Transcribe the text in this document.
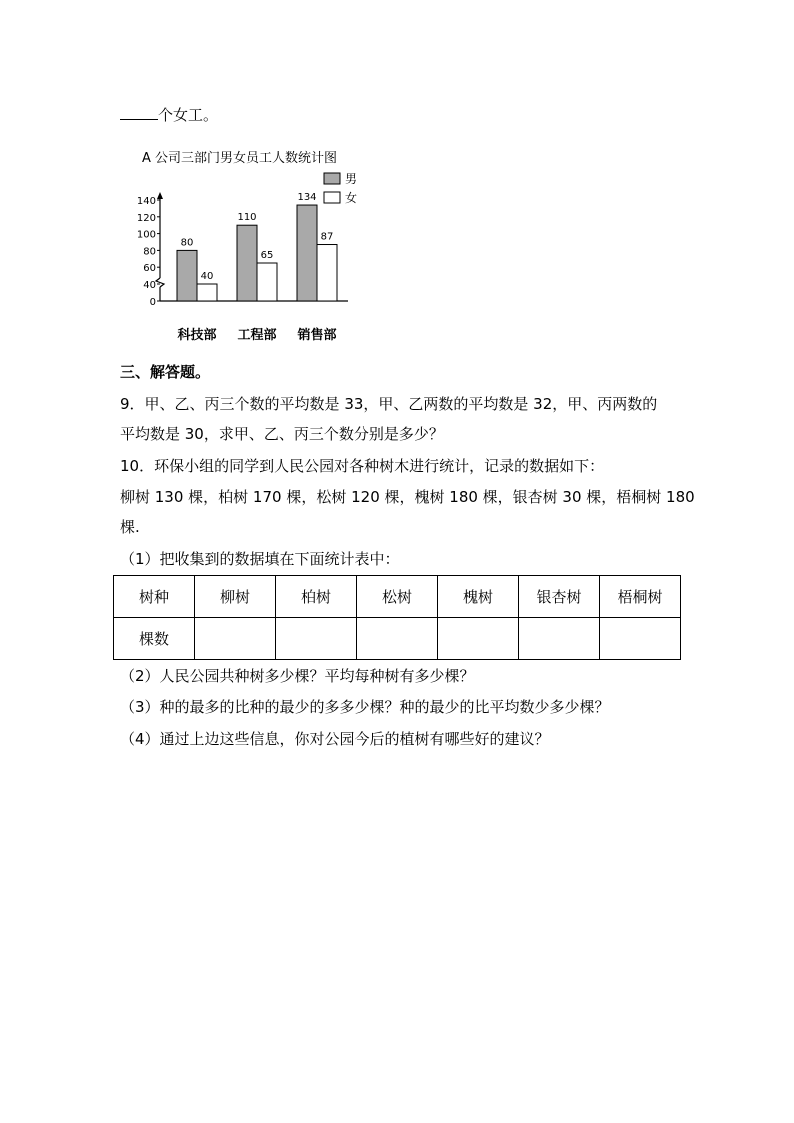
个女工。
A 公司三部门男女员工人数统计图
男
女
140
120
100
80
60
40
0
80
40
科技部
110
65
工程部
134
87
销售部
三、解答题。
9．甲、乙、丙三个数的平均数是 33，甲、乙两数的平均数是 32，甲、丙两数的
平均数是 30，求甲、乙、丙三个数分别是多少？
10．环保小组的同学到人民公园对各种树木进行统计，记录的数据如下：
柳树 130 棵，柏树 170 棵，松树 120 棵，槐树 180 棵，银杏树 30 棵，梧桐树 180
棵.
（1）把收集到的数据填在下面统计表中：
树种	柳树	柏树	松树	槐树	银杏树	梧桐树
棵数						
（2）人民公园共种树多少棵？平均每种树有多少棵？
（3）种的最多的比种的最少的多多少棵？种的最少的比平均数少多少棵？
（4）通过上边这些信息，你对公园今后的植树有哪些好的建议？
